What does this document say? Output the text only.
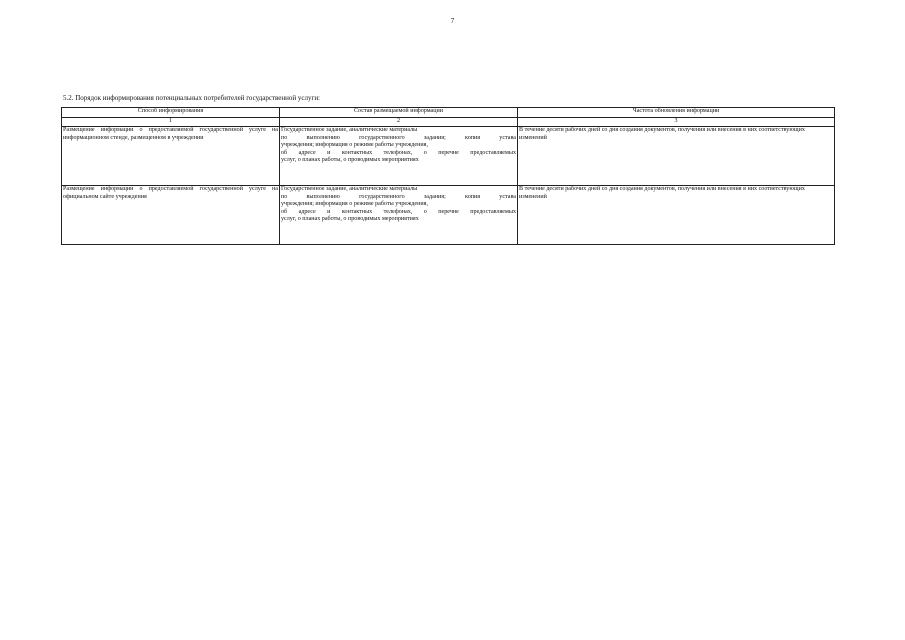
7
5.2. Порядок информирования потенциальных потребителей государственной услуги:
Способ информирования	Состав размещаемой информации	Частота обновления информации
1	2	3
Размещение информации о предоставляемой государственной услуге на информационном стенде, размещенном в учреждении	Государственное задание, аналитические материалы
по выполнению государственного задания; копия устава
учреждения; информация о режиме работы учреждения,
об адресе и контактных телефонах, о перечне предоставляемых
услуг, о планах работы, о проводимых мероприятиях	В течение десяти рабочих дней со дня создания документов, получения или внесения в них соответствующих изменений
Размещение информации о предоставляемой государственной услуге на официальном сайте учреждения	Государственное задание, аналитические материалы
по выполнению государственного задания; копия устава
учреждения; информация о режиме работы учреждения,
об адресе и контактных телефонах, о перечне предоставляемых
услуг, о планах работы, о проводимых мероприятиях	В течение десяти рабочих дней со дня создания документов, получения или внесения в них соответствующих изменений
